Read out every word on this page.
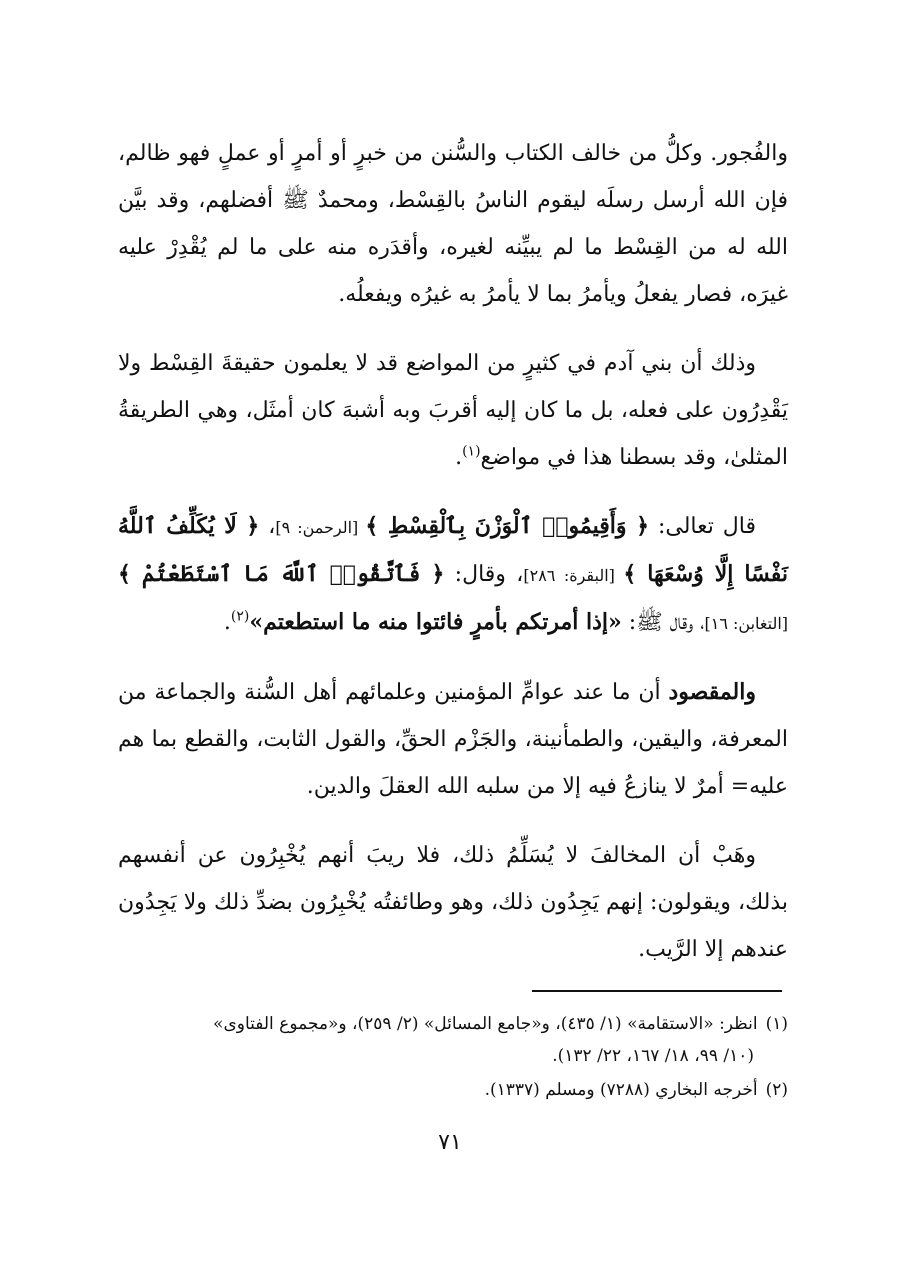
والفُجور. وكلُّ من خالف الكتاب والسُّنن من خبرٍ أو أمرٍ أو عملٍ فهو ظالم، فإن الله أرسل رسلَه ليقوم الناسُ بالقِسْط، ومحمدٌ ﷺ أفضلهم، وقد بيَّن الله له من القِسْط ما لم يبيِّنه لغيره، وأقدَره منه على ما لم يُقْدِرْ عليه غيرَه، فصار يفعلُ ويأمرُ بما لا يأمرُ به غيرُه ويفعلُه.

وذلك أن بني آدم في كثيرٍ من المواضع قد لا يعلمون حقيقةَ القِسْط ولا يَقْدِرُون على فعله، بل ما كان إليه أقربَ وبه أشبهَ كان أمثَل، وهي الطريقةُ المثلىٰ، وقد بسطنا هذا في مواضع$^{(١)}$.

قال تعالى: ﴿ وَأَقِيمُوا۟ ٱلْوَزْنَ بِٱلْقِسْطِ ﴾ [الرحمن: ٩]، ﴿ لَا يُكَلِّفُ ٱللَّهُ نَفْسًا إِلَّا وُسْعَهَا ﴾ [البقرة: ٢٨٦]، وقال: ﴿ فَٱتَّقُوا۟ ٱللَّهَ مَا ٱسْتَطَعْتُمْ ﴾ [التغابن: ١٦]، وقال ﷺ: «إذا أمرتكم بأمرٍ فائتوا منه ما استطعتم»$^{(٢)}$.

والمقصود أن ما عند عوامِّ المؤمنين وعلمائهم أهل السُّنة والجماعة من المعرفة، واليقين، والطمأنينة، والجَزْم الحقِّ، والقول الثابت، والقطع بما هم عليه= أمرٌ لا ينازعُ فيه إلا من سلبه الله العقلَ والدين.

وهَبْ أن المخالفَ لا يُسَلِّمُ ذلك، فلا ريبَ أنهم يُخْبِرُون عن أنفسهم بذلك، ويقولون: إنهم يَجِدُون ذلك، وهو وطائفتُه يُخْبِرُون بضدِّ ذلك ولا يَجِدُون عندهم إلا الرَّيب.

(١)انظر: «الاستقامة» (١/ ٤٣٥)، و«جامع المسائل» (٢/ ٢٥٩)، و«مجموع الفتاوى»
(١٠/ ٩٩، ١٨/ ١٦٧، ٢٢/ ١٣٢).

(٢)أخرجه البخاري (٧٢٨٨) ومسلم (١٣٣٧).

٧١
